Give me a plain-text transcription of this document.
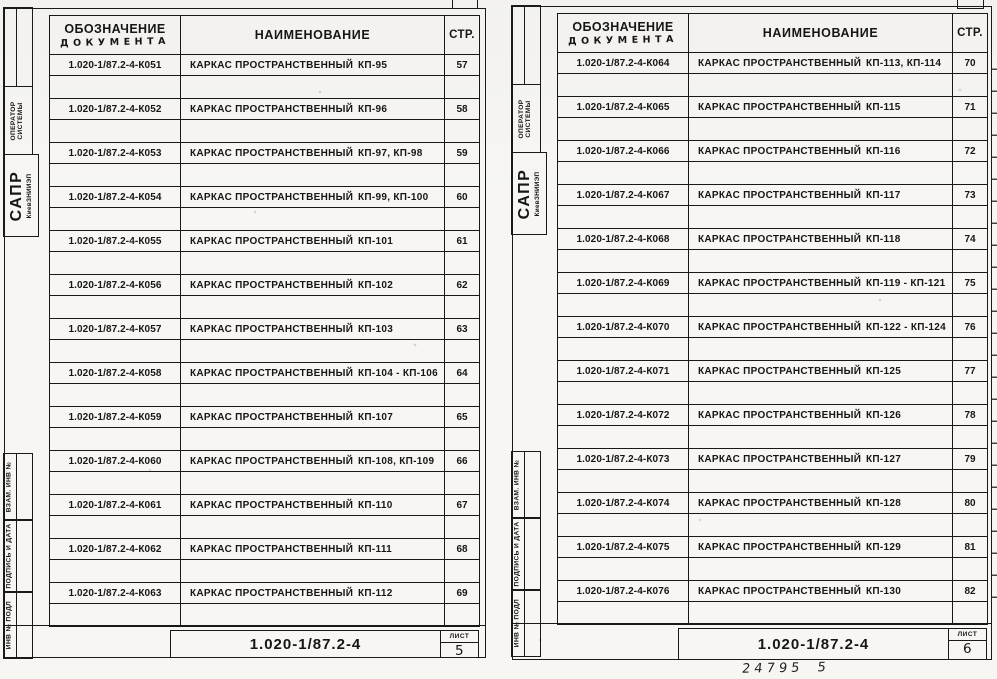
ОПЕРАТОР СИСТЕМЫ
САПР КиевЗНИИЭП
ВЗАМ. ИНВ №
ПОДПИСЬ И ДАТА
ИНВ № ПОДЛ
ОБОЗНАЧЕНИЕ
ДОКУМЕНТА	НАИМЕНОВАНИЕ	СТР.
1.020-1/87.2-4-К051	КАРКАС ПРОСТРАНСТВЕННЫЙ КП-95	57

1.020-1/87.2-4-К052	КАРКАС ПРОСТРАНСТВЕННЫЙ КП-96	58

1.020-1/87.2-4-К053	КАРКАС ПРОСТРАНСТВЕННЫЙ КП-97, КП-98	59

1.020-1/87.2-4-К054	КАРКАС ПРОСТРАНСТВЕННЫЙ КП-99, КП-100	60

1.020-1/87.2-4-К055	КАРКАС ПРОСТРАНСТВЕННЫЙ КП-101	61

1.020-1/87.2-4-К056	КАРКАС ПРОСТРАНСТВЕННЫЙ КП-102	62

1.020-1/87.2-4-К057	КАРКАС ПРОСТРАНСТВЕННЫЙ КП-103	63

1.020-1/87.2-4-К058	КАРКАС ПРОСТРАНСТВЕННЫЙ КП-104 - КП-106	64

1.020-1/87.2-4-К059	КАРКАС ПРОСТРАНСТВЕННЫЙ КП-107	65

1.020-1/87.2-4-К060	КАРКАС ПРОСТРАНСТВЕННЫЙ КП-108, КП-109	66

1.020-1/87.2-4-К061	КАРКАС ПРОСТРАНСТВЕННЫЙ КП-110	67

1.020-1/87.2-4-К062	КАРКАС ПРОСТРАНСТВЕННЫЙ КП-111	68

1.020-1/87.2-4-К063	КАРКАС ПРОСТРАНСТВЕННЫЙ КП-112	69

1.020-1/87.2-4	ЛИСТ
5
ОПЕРАТОР СИСТЕМЫ
САПР КиевЗНИИЭП
ВЗАМ. ИНВ №
ПОДПИСЬ И ДАТА
ИНВ № ПОДЛ
ОБОЗНАЧЕНИЕ
ДОКУМЕНТА	НАИМЕНОВАНИЕ	СТР.
1.020-1/87.2-4-К064	КАРКАС ПРОСТРАНСТВЕННЫЙ КП-113, КП-114	70

1.020-1/87.2-4-К065	КАРКАС ПРОСТРАНСТВЕННЫЙ КП-115	71

1.020-1/87.2-4-К066	КАРКАС ПРОСТРАНСТВЕННЫЙ КП-116	72

1.020-1/87.2-4-К067	КАРКАС ПРОСТРАНСТВЕННЫЙ КП-117	73

1.020-1/87.2-4-К068	КАРКАС ПРОСТРАНСТВЕННЫЙ КП-118	74

1.020-1/87.2-4-К069	КАРКАС ПРОСТРАНСТВЕННЫЙ КП-119 - КП-121	75

1.020-1/87.2-4-К070	КАРКАС ПРОСТРАНСТВЕННЫЙ КП-122 - КП-124	76

1.020-1/87.2-4-К071	КАРКАС ПРОСТРАНСТВЕННЫЙ КП-125	77

1.020-1/87.2-4-К072	КАРКАС ПРОСТРАНСТВЕННЫЙ КП-126	78

1.020-1/87.2-4-К073	КАРКАС ПРОСТРАНСТВЕННЫЙ КП-127	79

1.020-1/87.2-4-К074	КАРКАС ПРОСТРАНСТВЕННЫЙ КП-128	80

1.020-1/87.2-4-К075	КАРКАС ПРОСТРАНСТВЕННЫЙ КП-129	81

1.020-1/87.2-4-К076	КАРКАС ПРОСТРАНСТВЕННЫЙ КП-130	82

1.020-1/87.2-4
ЛИСТ
6
24795 5
